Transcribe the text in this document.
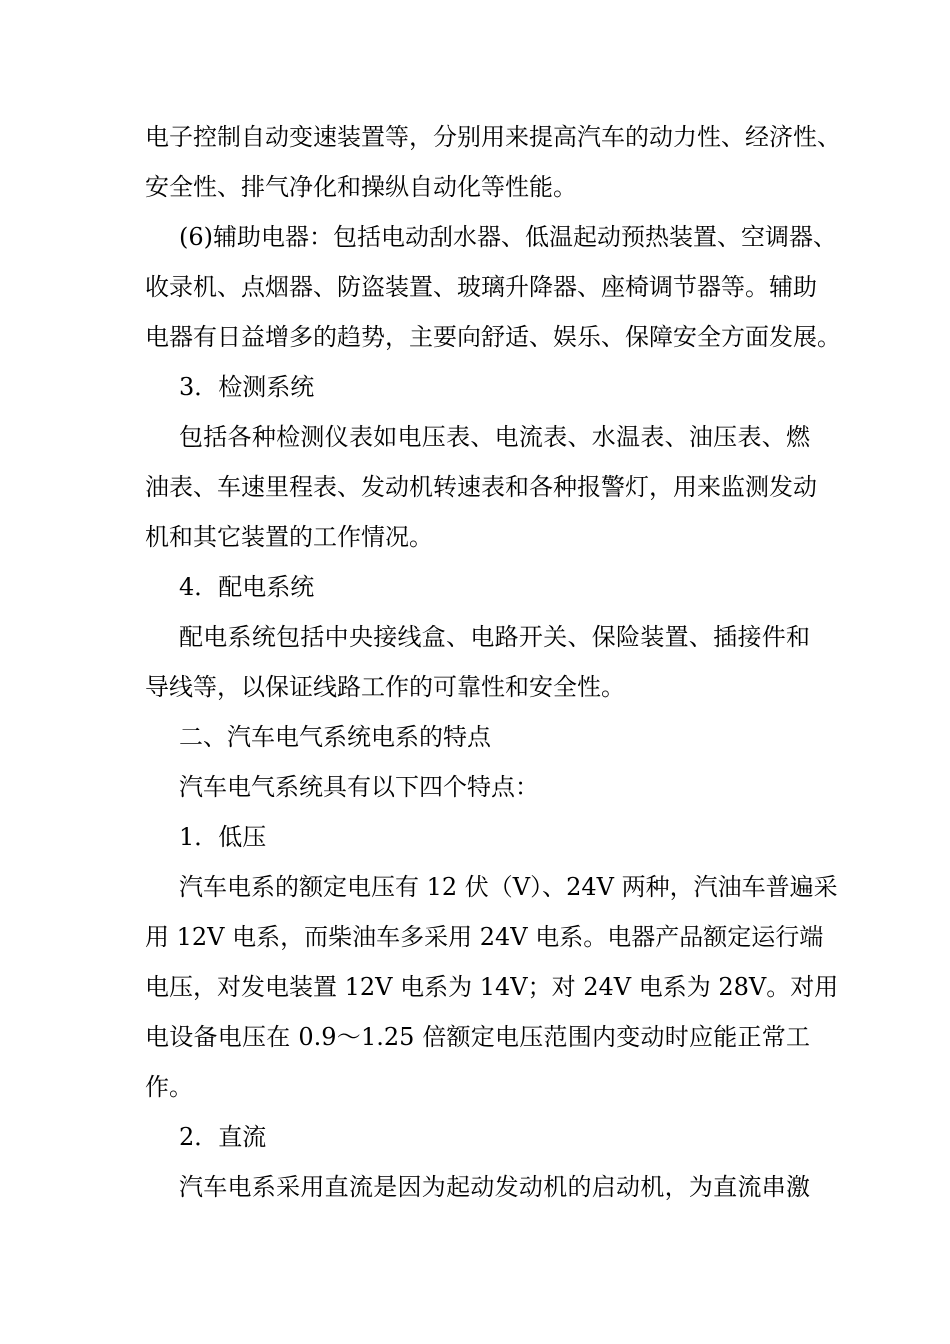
电子控制自动变速装置等，分别用来提高汽车的动力性、经济性、
安全性、排气净化和操纵自动化等性能。
(6)辅助电器：包括电动刮水器、低温起动预热装置、空调器、
收录机、点烟器、防盗装置、玻璃升降器、座椅调节器等。辅助
电器有日益增多的趋势，主要向舒适、娱乐、保障安全方面发展。
3．检测系统
包括各种检测仪表如电压表、电流表、水温表、油压表、燃
油表、车速里程表、发动机转速表和各种报警灯，用来监测发动
机和其它装置的工作情况。
4．配电系统
配电系统包括中央接线盒、电路开关、保险装置、插接件和
导线等，以保证线路工作的可靠性和安全性。
二、汽车电气系统电系的特点
汽车电气系统具有以下四个特点：
1．低压
汽车电系的额定电压有 12 伏（V）、24V 两种，汽油车普遍采
用 12V 电系，而柴油车多采用 24V 电系。电器产品额定运行端
电压，对发电装置 12V 电系为 14V；对 24V 电系为 28V。对用
电设备电压在 0.9～1.25 倍额定电压范围内变动时应能正常工
作。
2．直流
汽车电系采用直流是因为起动发动机的启动机，为直流串激
